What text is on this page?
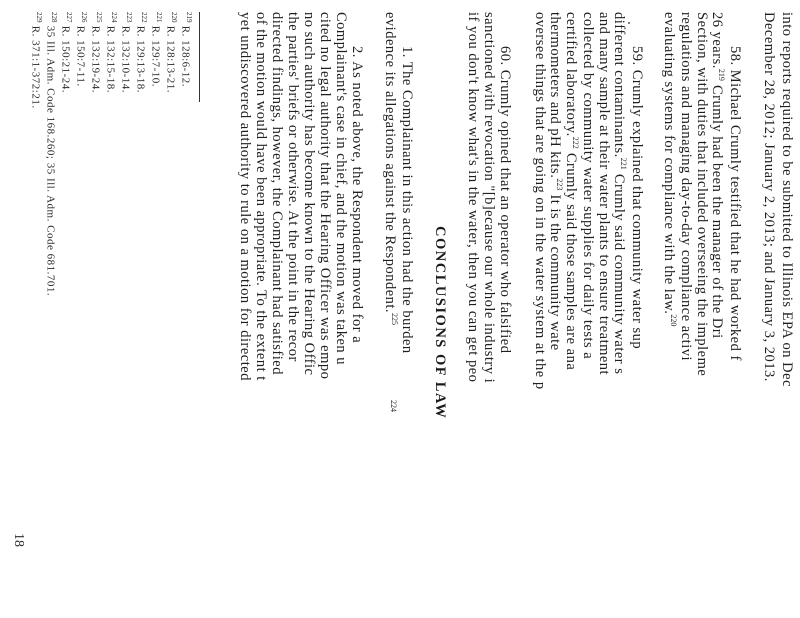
into reports required to be submitted to Illinois EPA on Dec
December 28, 2012; January 2, 2013; and January 3, 2013.
58. Michael Crumly testified that he had worked f
26 years.$^{219}$ Crumly had been the manager of the Dri
Section, with duties that included overseeing the impleme
regulations and managing day-to-day compliance activi
evaluating systems for compliance with the law.$^{220}$
59. Crumly explained that community water sup
different contaminants.$^{221}$ Crumly said community water s
and many sample at their water plants to ensure treatment
collected by community water supplies for daily tests a
certified laboratory.$^{222}$ Crumly said those samples are ana
thermometers and pH kits.$^{223}$ It is the community wate
oversee things that are going on in the water system at the p
60. Crumly opined that an operator who falsified
sanctioned with revocation "[b]ecause our whole industry i
if you don't know what's in the water, then you can get peo
CONCLUSIONS OF LAW
1. The Complainant in this action had the burden
evidence its allegations against the Respondent.$^{225}$
2. As noted above, the Respondent moved for a
Complainant's case in chief, and the motion was taken u
cited no legal authority that the Hearing Officer was empo
no such authority has become known to the Hearing Offic
the parties' briefs or otherwise. At the point in the recor
directed findings, however, the Complainant had satisfied
of the motion would have been appropriate. To the extent t
yet undiscovered authority to rule on a motion for directed
18
$^{219}$ R. 128:6-12.
$^{220}$ R. 128:13-21.
$^{221}$ R. 129:7-10.
$^{222}$ R. 129:13-18.
$^{223}$ R. 132:10-14.
$^{224}$ R. 132:15-18.
$^{225}$ R. 132:19-24.
$^{226}$ R. 150:7-11.
$^{227}$ R. 150:21-24.
$^{228}$ 35 Ill. Adm. Code 168.260; 35 Ill. Adm. Code 681.701.
$^{229}$ R. 371:1-372:21.
224
